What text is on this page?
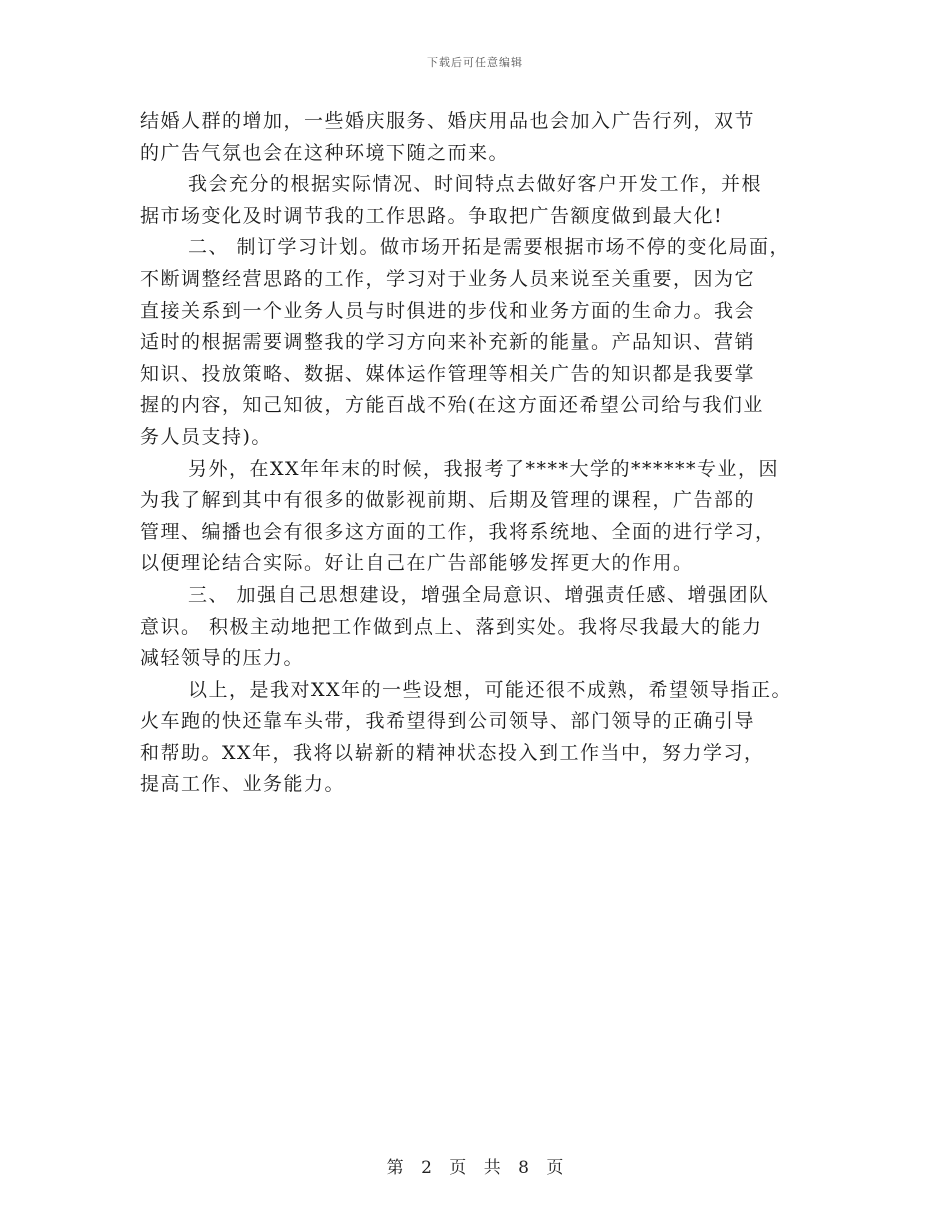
下载后可任意编辑
结婚人群的增加，一些婚庆服务、婚庆用品也会加入广告行列，双节
的广告气氛也会在这种环境下随之而来。
我会充分的根据实际情况、时间特点去做好客户开发工作，并根
据市场变化及时调节我的工作思路。争取把广告额度做到最大化!
二、 制订学习计划。做市场开拓是需要根据市场不停的变化局面，
不断调整经营思路的工作，学习对于业务人员来说至关重要，因为它
直接关系到一个业务人员与时俱进的步伐和业务方面的生命力。我会
适时的根据需要调整我的学习方向来补充新的能量。产品知识、营销
知识、投放策略、数据、媒体运作管理等相关广告的知识都是我要掌
握的内容，知己知彼，方能百战不殆(在这方面还希望公司给与我们业
务人员支持)。
另外，在XX年年末的时候，我报考了****大学的******专业，因
为我了解到其中有很多的做影视前期、后期及管理的课程，广告部的
管理、编播也会有很多这方面的工作，我将系统地、全面的进行学习，
以便理论结合实际。好让自己在广告部能够发挥更大的作用。
三、 加强自己思想建设，增强全局意识、增强责任感、增强团队
意识。 积极主动地把工作做到点上、落到实处。我将尽我最大的能力
减轻领导的压力。
以上，是我对XX年的一些设想，可能还很不成熟，希望领导指正。
火车跑的快还靠车头带，我希望得到公司领导、部门领导的正确引导
和帮助。XX年，我将以崭新的精神状态投入到工作当中，努力学习，
提高工作、业务能力。
第 2 页 共 8 页
